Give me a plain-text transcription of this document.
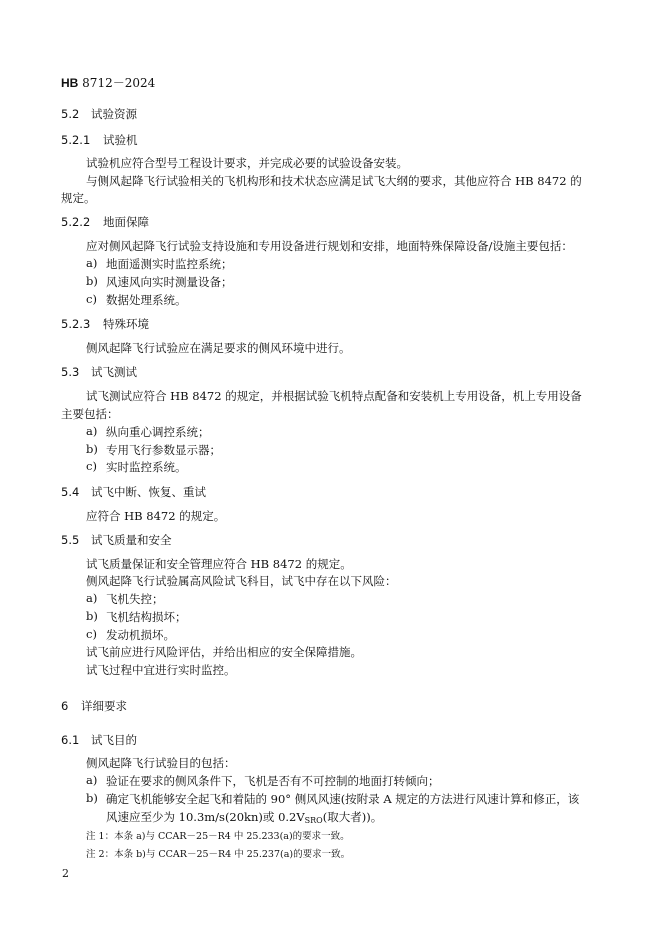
HB 8712－2024
5.2 试验资源
5.2.1 试验机
试验机应符合型号工程设计要求，并完成必要的试验设备安装。
与侧风起降飞行试验相关的飞机构形和技术状态应满足试飞大纲的要求，其他应符合 HB 8472 的
规定。
5.2.2 地面保障
应对侧风起降飞行试验支持设施和专用设备进行规划和安排，地面特殊保障设备/设施主要包括：
a) 地面遥测实时监控系统；
b) 风速风向实时测量设备；
c) 数据处理系统。
5.2.3 特殊环境
侧风起降飞行试验应在满足要求的侧风环境中进行。
5.3 试飞测试
试飞测试应符合 HB 8472 的规定，并根据试验飞机特点配备和安装机上专用设备，机上专用设备
主要包括：
a) 纵向重心调控系统；
b) 专用飞行参数显示器；
c) 实时监控系统。
5.4 试飞中断、恢复、重试
应符合 HB 8472 的规定。
5.5 试飞质量和安全
试飞质量保证和安全管理应符合 HB 8472 的规定。
侧风起降飞行试验属高风险试飞科目，试飞中存在以下风险：
a) 飞机失控；
b) 飞机结构损坏；
c) 发动机损坏。
试飞前应进行风险评估，并给出相应的安全保障措施。
试飞过程中宜进行实时监控。
6 详细要求
6.1 试飞目的
侧风起降飞行试验目的包括：
a) 验证在要求的侧风条件下，飞机是否有不可控制的地面打转倾向；
b) 确定飞机能够安全起飞和着陆的 90° 侧风风速(按附录 A 规定的方法进行风速计算和修正，该
风速应至少为 10.3m/s(20kn)或 0.2VSRO(取大者))。
注 1：本条 a)与 CCAR－25－R4 中 25.233(a)的要求一致。
注 2：本条 b)与 CCAR－25－R4 中 25.237(a)的要求一致。
2
